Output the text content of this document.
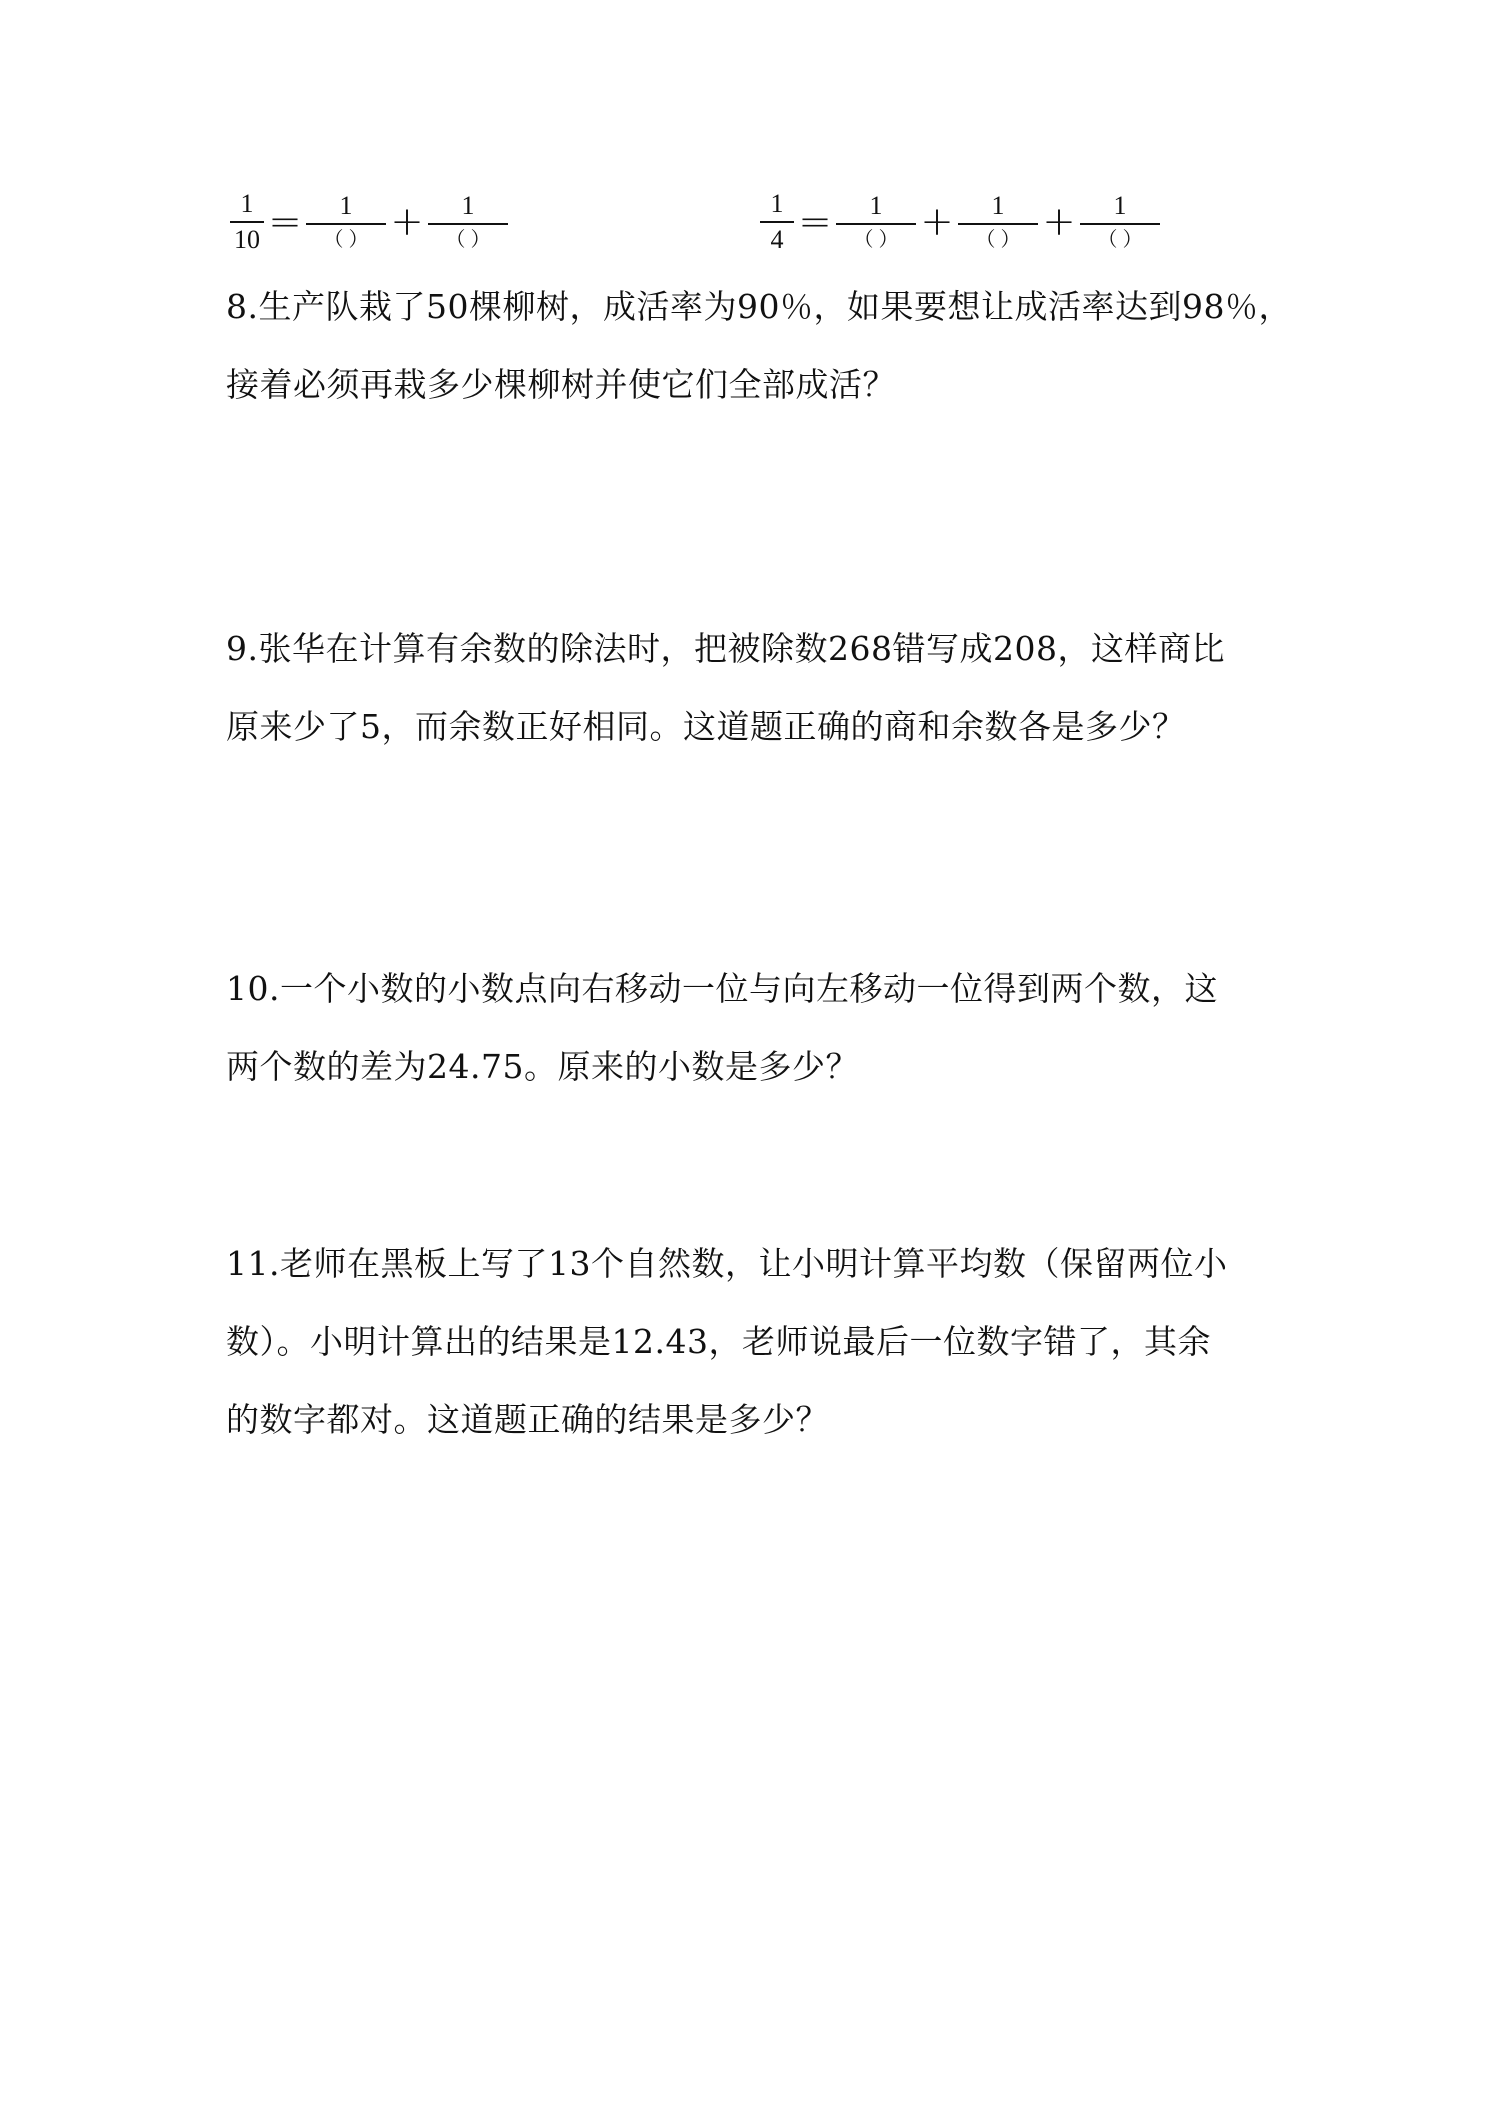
$\frac{1}{10} = \frac{1}{( )} + \frac{1}{( )}$	$\frac{1}{4} = \frac{1}{( )} + \frac{1}{( )} + \frac{1}{( )}$
8.生产队栽了50棵柳树，成活率为90％，如果要想让成活率达到98％，
接着必须再栽多少棵柳树并使它们全部成活？
9.张华在计算有余数的除法时，把被除数268错写成208，这样商比
原来少了5，而余数正好相同。这道题正确的商和余数各是多少？
10.一个小数的小数点向右移动一位与向左移动一位得到两个数，这
两个数的差为24.75。原来的小数是多少？
11.老师在黑板上写了13个自然数，让小明计算平均数（保留两位小
数）。小明计算出的结果是12.43，老师说最后一位数字错了，其余
的数字都对。这道题正确的结果是多少？
